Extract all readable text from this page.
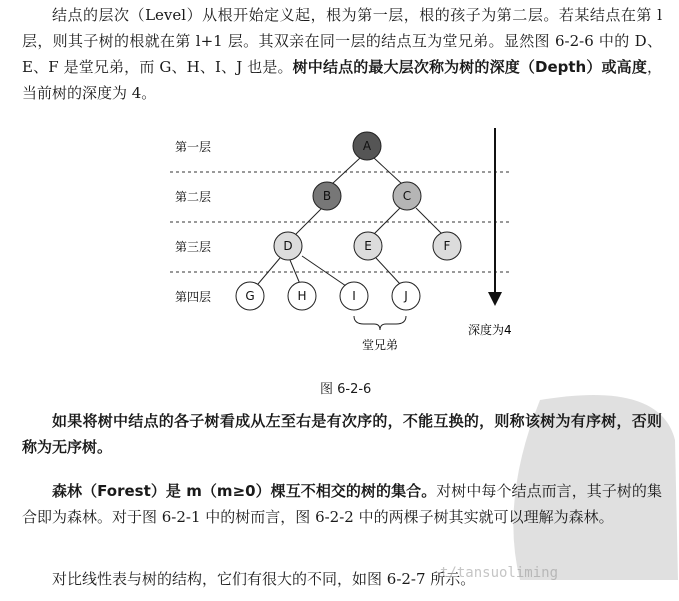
结点的层次（Level）从根开始定义起，根为第一层，根的孩子为第二层。若某结点在第 l 层，则其子树的根就在第 l+1 层。其双亲在同一层的结点互为堂兄弟。显然图 6-2-6 中的 D、E、F 是堂兄弟，而 G、H、I、J 也是。树中结点的最大层次称为树的深度（Depth）或高度，当前树的深度为 4。

第一层
第二层
第三层
第四层
A
B	C
D	E	F
G	H	I	J
堂兄弟
深度为4
图 6-2-6

如果将树中结点的各子树看成从左至右是有次序的，不能互换的，则称该树为有序树，否则称为无序树。

森林（Forest）是 m（m≥0）棵互不相交的树的集合。对树中每个结点而言，其子树的集合即为森林。对于图 6-2-1 中的树而言，图 6-2-2 中的两棵子树其实就可以理解为森林。

对比线性表与树的结构，它们有很大的不同，如图 6-2-7 所示。

t/tansuoliming
